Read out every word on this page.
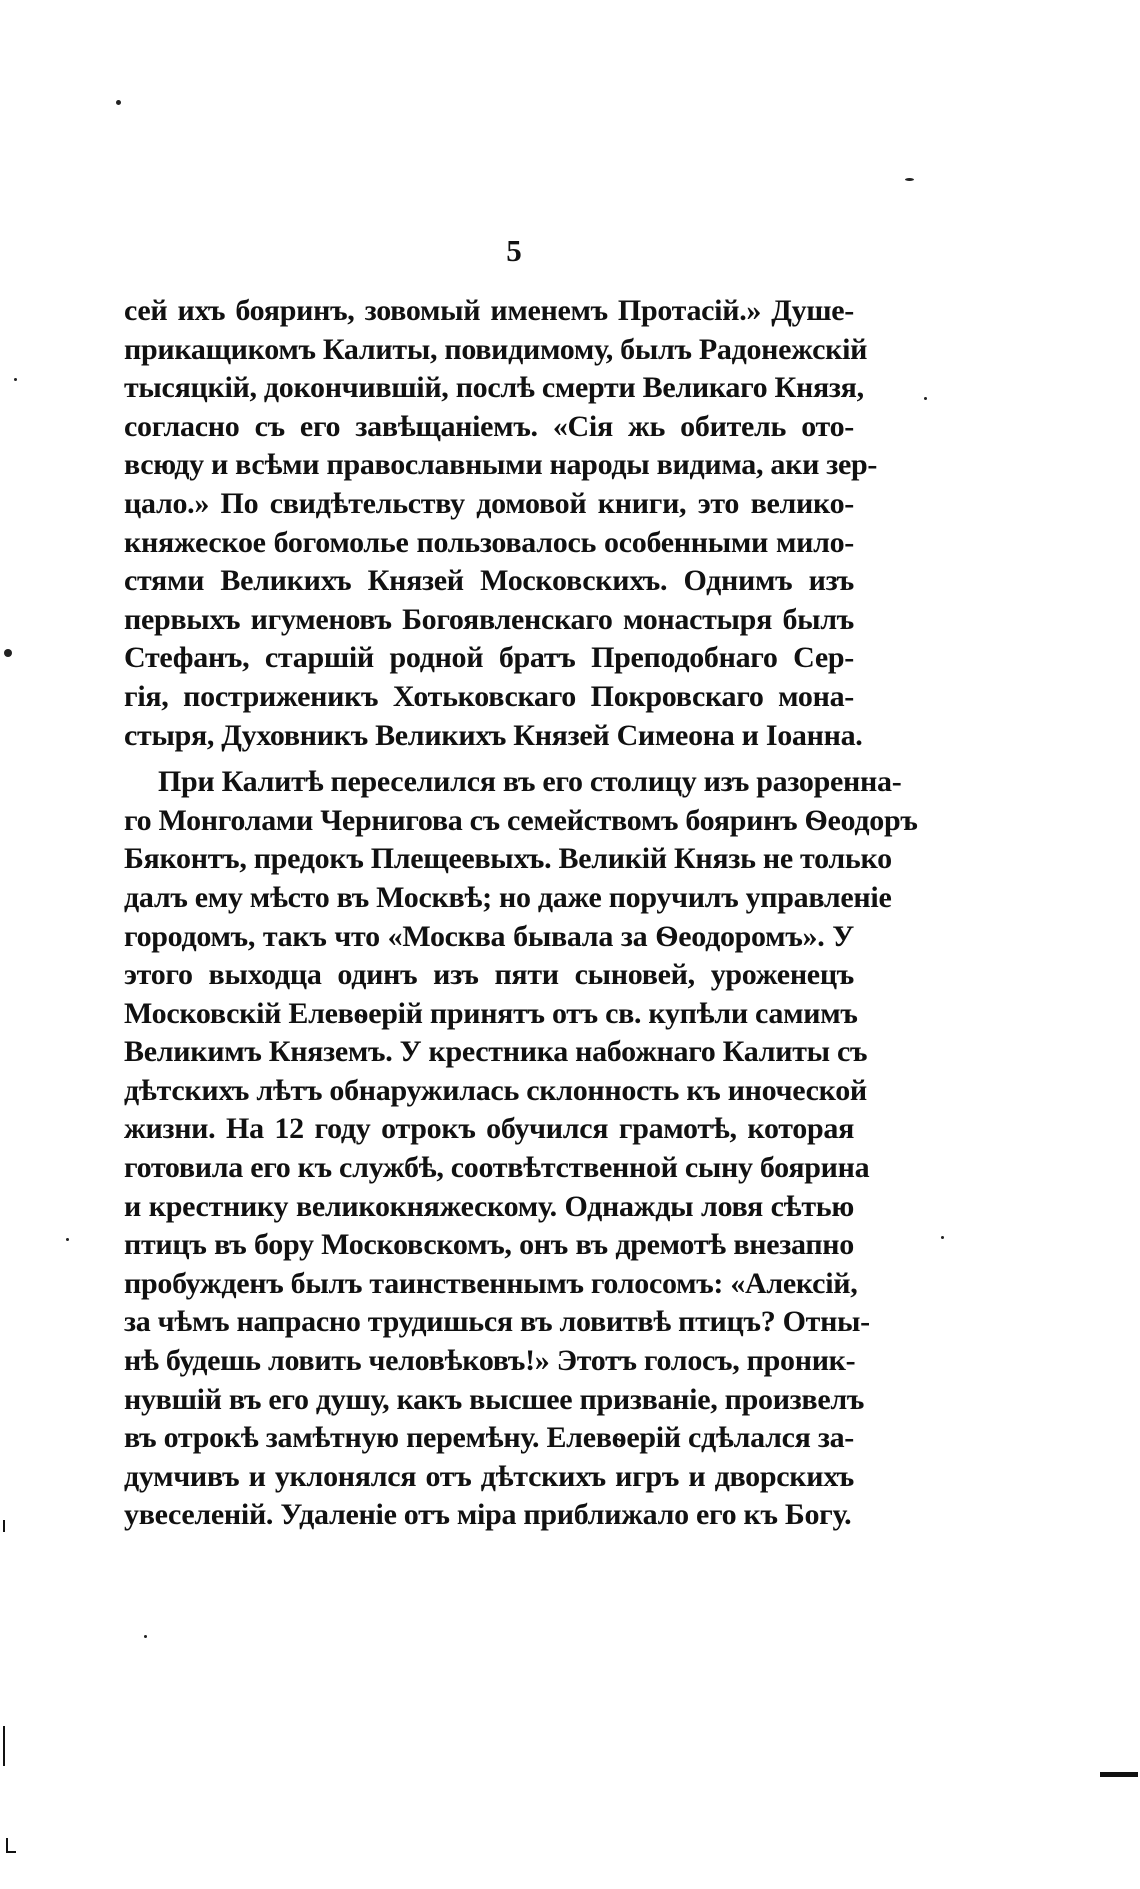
5
сей ихъ бояринъ, зовомый именемъ Протасій.» Душе-
прикащикомъ Калиты, повидимому, былъ Радонежскій
тысяцкій, докончившій, послѣ смерти Великаго Князя,
согласно съ его завѣщаніемъ. «Сія жь обитель ото-
всюду и всѣми православными народы видима, аки зер-
цало.» По свидѣтельству домовой книги, это велико-
княжеское богомолье пользовалось особенными мило-
стями Великихъ Князей Московскихъ. Однимъ изъ
первыхъ игуменовъ Богоявленскаго монастыря былъ
Стефанъ, старшій родной братъ Преподобнаго Сер-
гія, постриженикъ Хотьковскаго Покровскаго мона-
стыря, Духовникъ Великихъ Князей Симеона и Іоанна.
При Калитѣ переселился въ его столицу изъ разореннa-
го Монголами Чернигова съ семействомъ бояринъ Ѳеодоръ
Бяконтъ, предокъ Плещеевыхъ. Великій Князь не только
далъ ему мѣсто въ Москвѣ; но даже поручилъ управленіе
городомъ, такъ что «Москва бывала за Ѳеодоромъ». У
этого выходца одинъ изъ пяти сыновей, уроженецъ
Московскій Елевѳерій принятъ отъ св. купѣли самимъ
Великимъ Княземъ. У крестника набожнаго Калиты съ
дѣтскихъ лѣтъ обнаружилась склонность къ иноческой
жизни. На 12 году отрокъ обучился грамотѣ, которая
готовила его къ службѣ, соотвѣтственной сыну боярина
и крестнику великокняжескому. Однажды ловя сѣтью
птицъ въ бору Московскомъ, онъ въ дремотѣ внезапно
пробужденъ былъ таинственнымъ голосомъ: «Алексій,
за чѣмъ напрасно трудишься въ ловитвѣ птицъ? Отны-
нѣ будешь ловить человѣковъ!» Этотъ голосъ, проник-
нувшій въ его душу, какъ высшее призваніе, произвелъ
въ отрокѣ замѣтную перемѣну. Елевѳерій сдѣлался за-
думчивъ и уклонялся отъ дѣтскихъ игръ и дворскихъ
увеселеній. Удаленіе отъ міра приближало его къ Богу.
